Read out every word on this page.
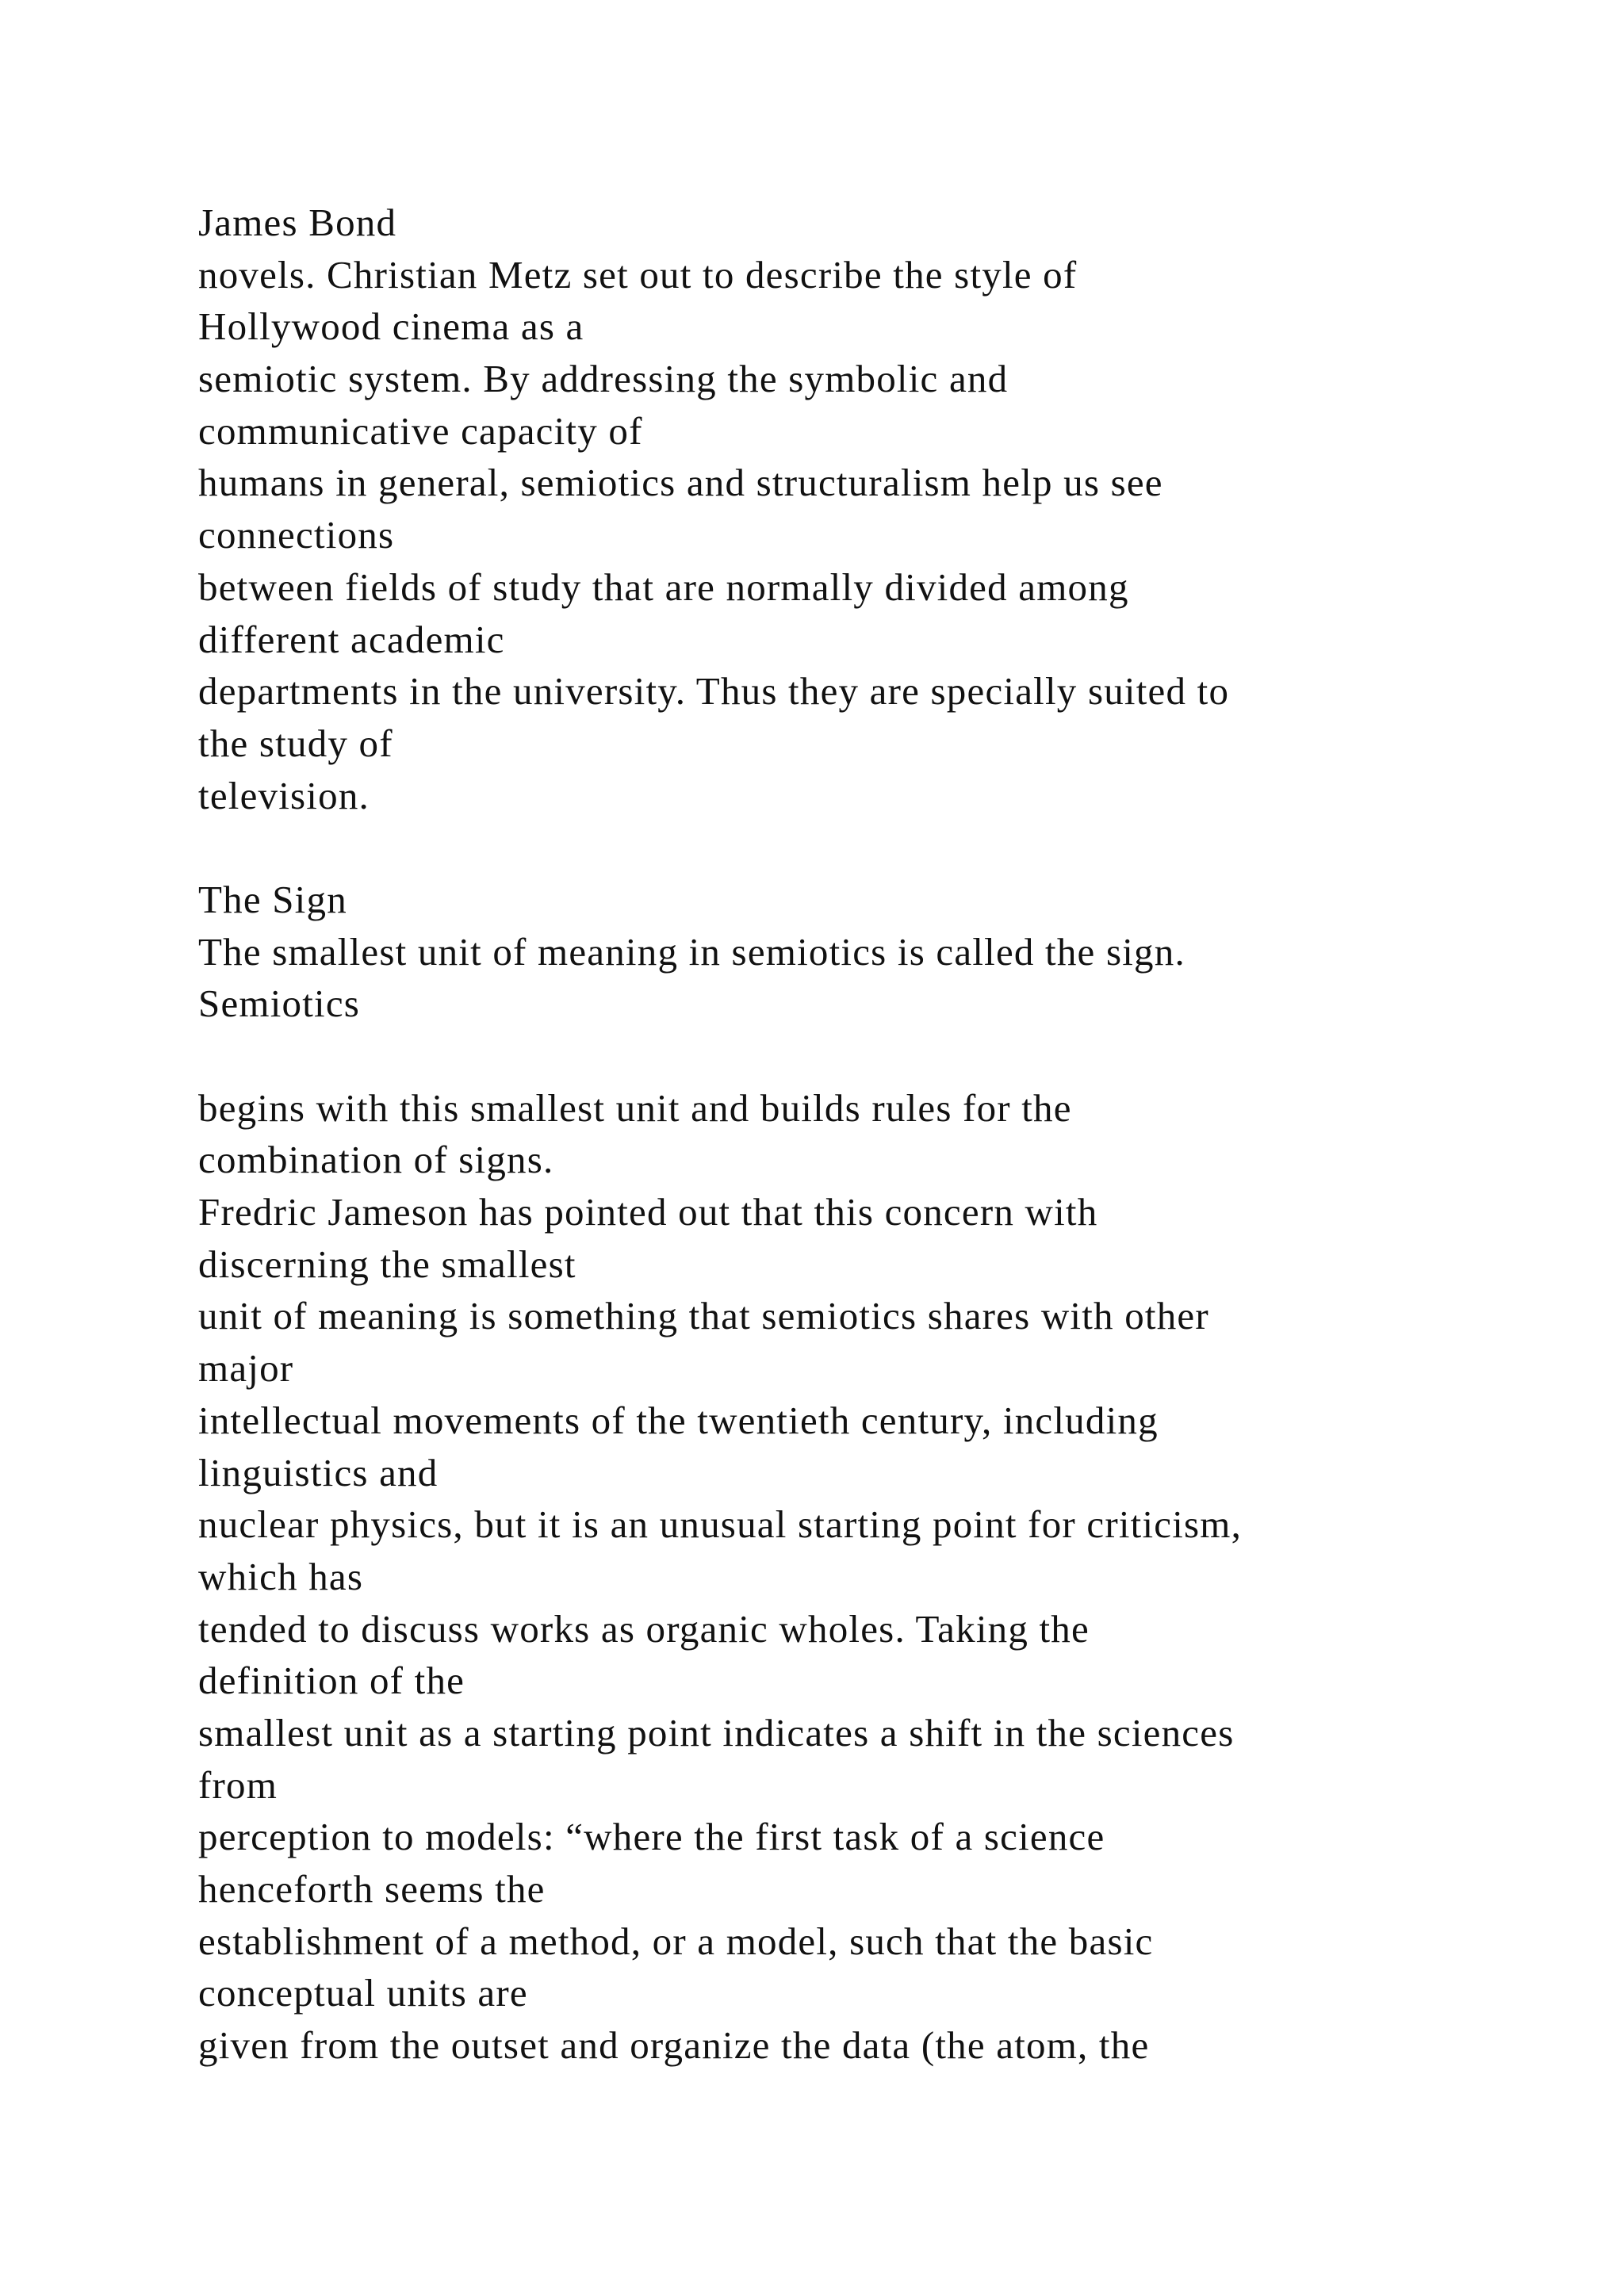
James Bond
novels. Christian Metz set out to describe the style of
Hollywood cinema as a
semiotic system. By addressing the symbolic and
communicative capacity of
humans in general, semiotics and structuralism help us see
connections
between fields of study that are normally divided among
different academic
departments in the university. Thus they are specially suited to
the study of
television.
The Sign
The smallest unit of meaning in semiotics is called the sign.
Semiotics
begins with this smallest unit and builds rules for the
combination of signs.
Fredric Jameson has pointed out that this concern with
discerning the smallest
unit of meaning is something that semiotics shares with other
major
intellectual movements of the twentieth century, including
linguistics and
nuclear physics, but it is an unusual starting point for criticism,
which has
tended to discuss works as organic wholes. Taking the
definition of the
smallest unit as a starting point indicates a shift in the sciences
from
perception to models: “where the first task of a science
henceforth seems the
establishment of a method, or a model, such that the basic
conceptual units are
given from the outset and organize the data (the atom, the
